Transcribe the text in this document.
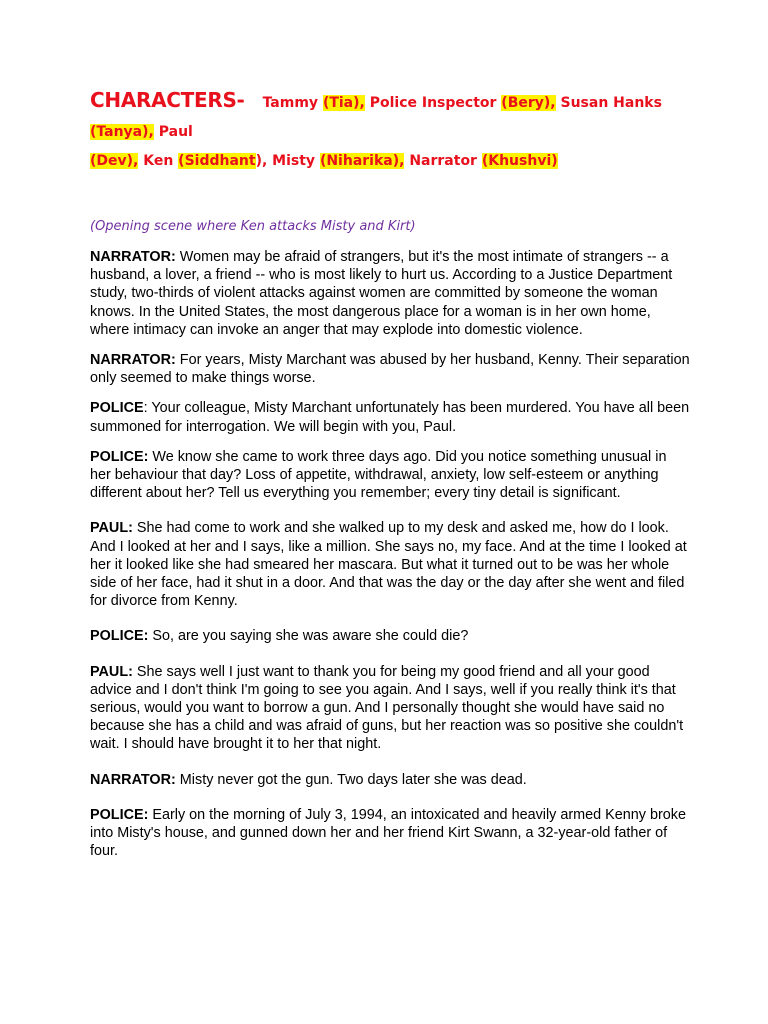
CHARACTERS- Tammy (Tia), Police Inspector (Bery), Susan Hanks (Tanya), Paul
(Dev), Ken (Siddhant), Misty (Niharika), Narrator (Khushvi)

(Opening scene where Ken attacks Misty and Kirt)

NARRATOR: Women may be afraid of strangers, but it's the most intimate of strangers -- a husband, a lover, a friend -- who is most likely to hurt us. According to a Justice Department study, two-thirds of violent attacks against women are committed by someone the woman knows. In the United States, the most dangerous place for a woman is in her own home, where intimacy can invoke an anger that may explode into domestic violence.

NARRATOR: For years, Misty Marchant was abused by her husband, Kenny. Their separation only seemed to make things worse.

POLICE: Your colleague, Misty Marchant unfortunately has been murdered. You have all been summoned for interrogation. We will begin with you, Paul.

POLICE: We know she came to work three days ago. Did you notice something unusual in her behaviour that day? Loss of appetite, withdrawal, anxiety, low self-esteem or anything different about her? Tell us everything you remember; every tiny detail is significant.

PAUL: She had come to work and she walked up to my desk and asked me, how do I look. And I looked at her and I says, like a million. She says no, my face. And at the time I looked at her it looked like she had smeared her mascara. But what it turned out to be was her whole side of her face, had it shut in a door. And that was the day or the day after she went and filed for divorce from Kenny.

POLICE: So, are you saying she was aware she could die?

PAUL: She says well I just want to thank you for being my good friend and all your good advice and I don't think I'm going to see you again. And I says, well if you really think it's that serious, would you want to borrow a gun. And I personally thought she would have said no because she has a child and was afraid of guns, but her reaction was so positive she couldn't wait. I should have brought it to her that night.

NARRATOR: Misty never got the gun. Two days later she was dead.

POLICE: Early on the morning of July 3, 1994, an intoxicated and heavily armed Kenny broke into Misty's house, and gunned down her and her friend Kirt Swann, a 32-year-old father of four.
